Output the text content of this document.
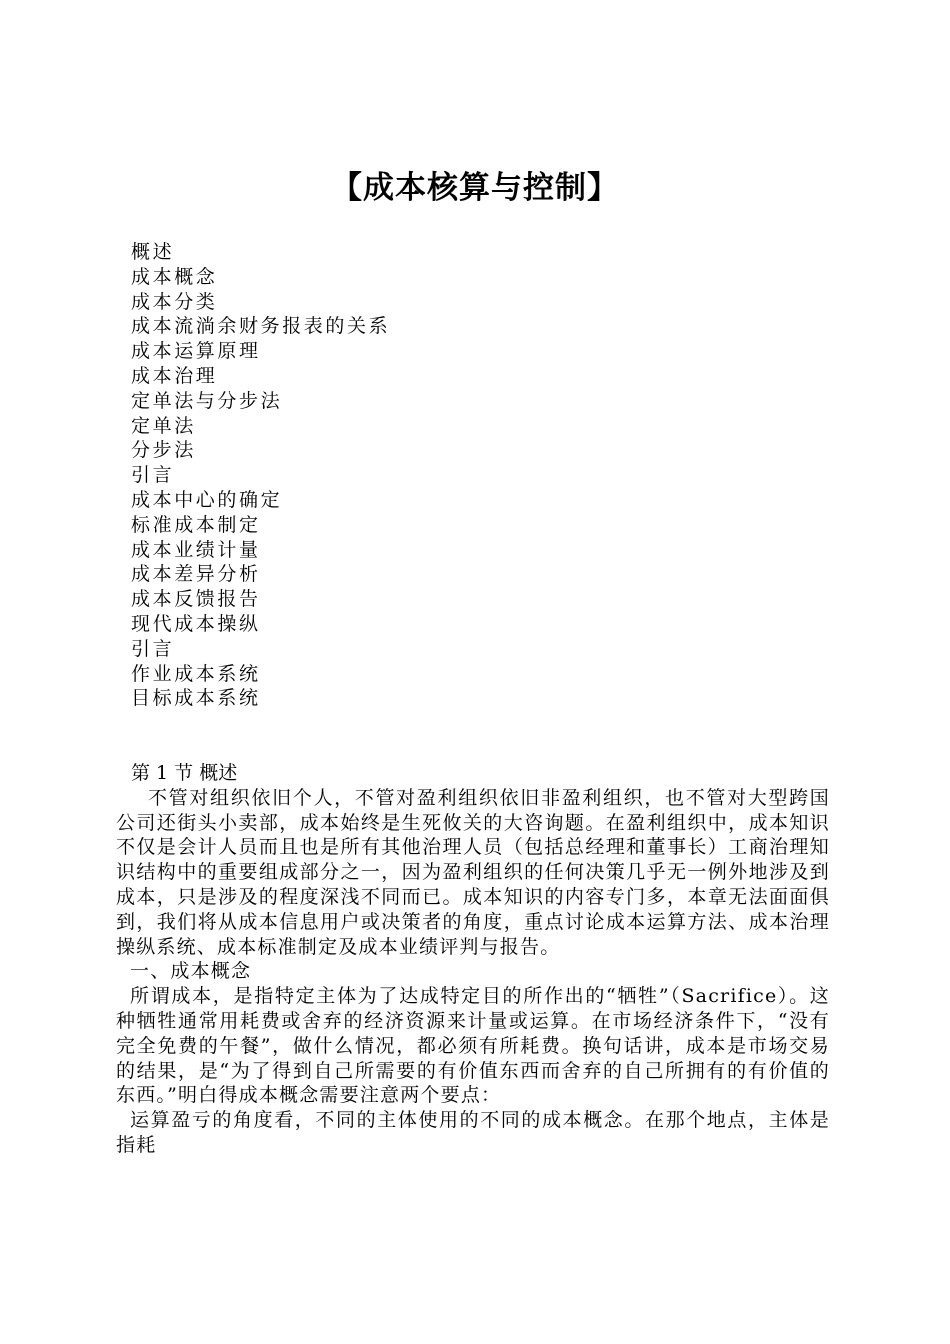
【成本核算与控制】
概述
成本概念
成本分类
成本流淌余财务报表的关系
成本运算原理
成本治理
定单法与分步法
定单法
分步法
引言
成本中心的确定
标准成本制定
成本业绩计量
成本差异分析
成本反馈报告
现代成本操纵
引言
作业成本系统
目标成本系统
第 1 节 概述

不管对组织依旧个人，不管对盈利组织依旧非盈利组织，也不管对大型跨国公司还街头小卖部，成本始终是生死攸关的大咨询题。在盈利组织中，成本知识不仅是会计人员而且也是所有其他治理人员（包括总经理和董事长）工商治理知识结构中的重要组成部分之一，因为盈利组织的任何决策几乎无一例外地涉及到成本，只是涉及的程度深浅不同而已。成本知识的内容专门多，本章无法面面俱到，我们将从成本信息用户或决策者的角度，重点讨论成本运算方法、成本治理操纵系统、成本标准制定及成本业绩评判与报告。

一、成本概念

所谓成本，是指特定主体为了达成特定目的所作出的“牺牲”（Sacrifice）。这种牺牲通常用耗费或舍弃的经济资源来计量或运算。在市场经济条件下，“没有完全免费的午餐”，做什么情况，都必须有所耗费。换句话讲，成本是市场交易的结果，是“为了得到自己所需要的有价值东西而舍弃的自己所拥有的有价值的东西。”明白得成本概念需要注意两个要点：

运算盈亏的角度看，不同的主体使用的不同的成本概念。在那个地点，主体是指耗
